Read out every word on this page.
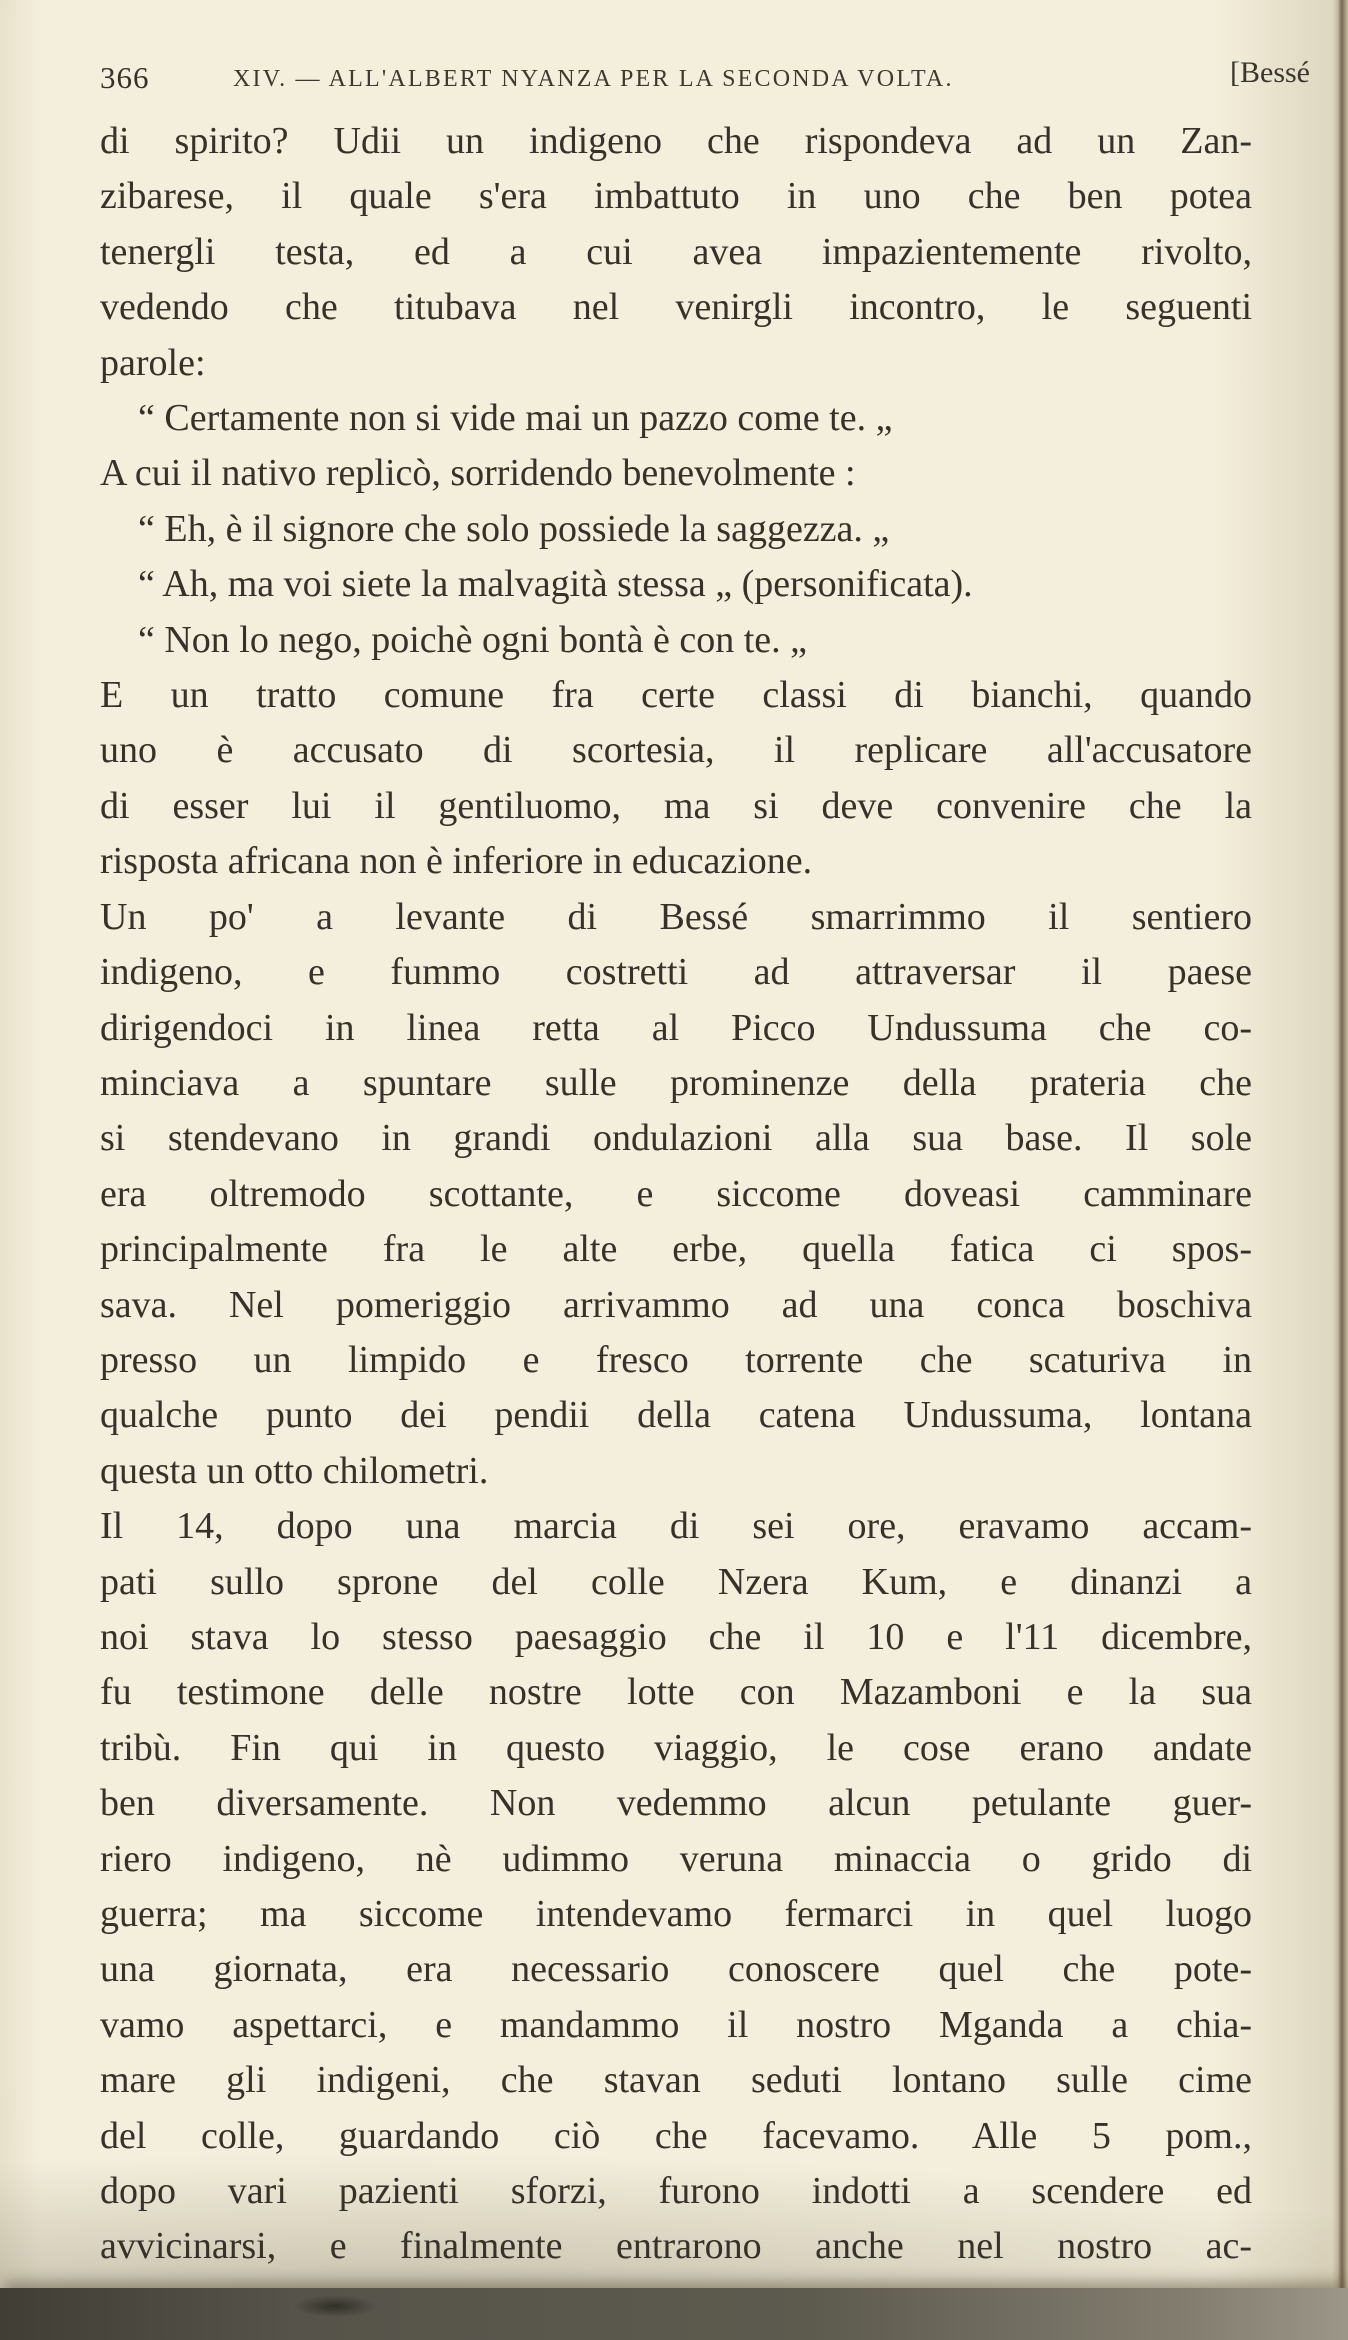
366	XIV. — ALL'ALBERT NYANZA PER LA SECONDA VOLTA.	[Bessé
di spirito? Udii un indigeno che rispondeva ad un Zan-
zibarese, il quale s'era imbattuto in uno che ben potea
tenergli testa, ed a cui avea impazientemente rivolto,
vedendo che titubava nel venirgli incontro, le seguenti
parole:
“ Certamente non si vide mai un pazzo come te. „
A cui il nativo replicò, sorridendo benevolmente :
“ Eh, è il signore che solo possiede la saggezza. „
“ Ah, ma voi siete la malvagità stessa „ (personificata).
“ Non lo nego, poichè ogni bontà è con te. „
E un tratto comune fra certe classi di bianchi, quando
uno è accusato di scortesia, il replicare all'accusatore
di esser lui il gentiluomo, ma si deve convenire che la
risposta africana non è inferiore in educazione.
Un po' a levante di Bessé smarrimmo il sentiero
indigeno, e fummo costretti ad attraversar il paese
dirigendoci in linea retta al Picco Undussuma che co-
minciava a spuntare sulle prominenze della prateria che
si stendevano in grandi ondulazioni alla sua base. Il sole
era oltremodo scottante, e siccome doveasi camminare
principalmente fra le alte erbe, quella fatica ci spos-
sava. Nel pomeriggio arrivammo ad una conca boschiva
presso un limpido e fresco torrente che scaturiva in
qualche punto dei pendii della catena Undussuma, lontana
questa un otto chilometri.
Il 14, dopo una marcia di sei ore, eravamo accam-
pati sullo sprone del colle Nzera Kum, e dinanzi a
noi stava lo stesso paesaggio che il 10 e l'11 dicembre,
fu testimone delle nostre lotte con Mazamboni e la sua
tribù. Fin qui in questo viaggio, le cose erano andate
ben diversamente. Non vedemmo alcun petulante guer-
riero indigeno, nè udimmo veruna minaccia o grido di
guerra; ma siccome intendevamo fermarci in quel luogo
una giornata, era necessario conoscere quel che pote-
vamo aspettarci, e mandammo il nostro Mganda a chia-
mare gli indigeni, che stavan seduti lontano sulle cime
del colle, guardando ciò che facevamo. Alle 5 pom.,
dopo vari pazienti sforzi, furono indotti a scendere ed
avvicinarsi, e finalmente entrarono anche nel nostro ac-
